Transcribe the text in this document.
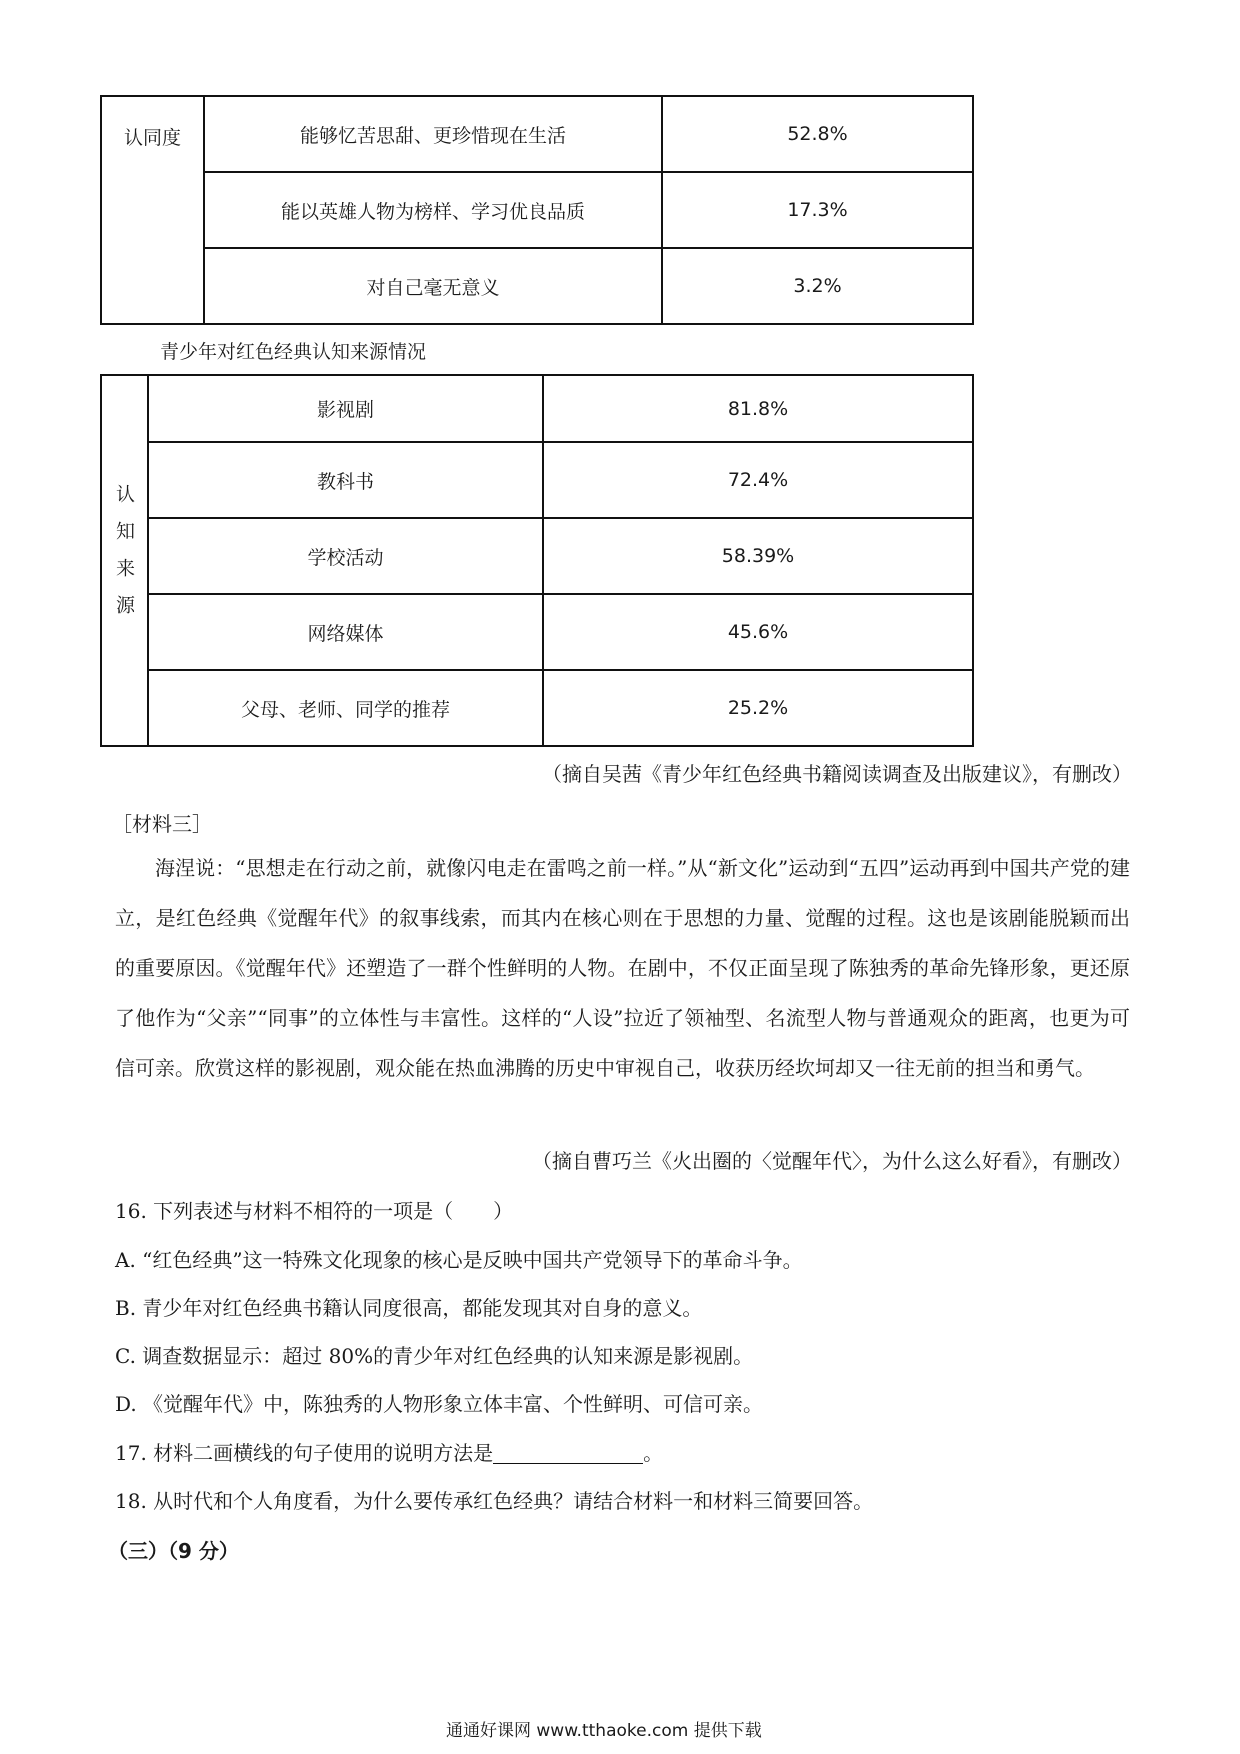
认同度	能够忆苦思甜、更珍惜现在生活	52.8%
	能以英雄人物为榜样、学习优良品质	17.3%
	对自己毫无意义	3.2%
青少年对红色经典认知来源情况
认知来源	影视剧	81.8%
	教科书	72.4%
	学校活动	58.39%
	网络媒体	45.6%
	父母、老师、同学的推荐	25.2%
（摘自吴茜《青少年红色经典书籍阅读调查及出版建议》，有删改）
［材料三］
海涅说：“思想走在行动之前，就像闪电走在雷鸣之前一样。”从“新文化”运动到“五四”运动再到中国共产党的建立，是红色经典《觉醒年代》的叙事线索，而其内在核心则在于思想的力量、觉醒的过程。这也是该剧能脱颖而出的重要原因。《觉醒年代》还塑造了一群个性鲜明的人物。在剧中，不仅正面呈现了陈独秀的革命先锋形象，更还原了他作为“父亲”“同事”的立体性与丰富性。这样的“人设”拉近了领袖型、名流型人物与普通观众的距离，也更为可信可亲。欣赏这样的影视剧，观众能在热血沸腾的历史中审视自己，收获历经坎坷却又一往无前的担当和勇气。
（摘自曹巧兰《火出圈的〈觉醒年代〉，为什么这么好看》，有删改）
16. 下列表述与材料不相符的一项是（　　）
A. “红色经典”这一特殊文化现象的核心是反映中国共产党领导下的革命斗争。
B. 青少年对红色经典书籍认同度很高，都能发现其对自身的意义。
C. 调查数据显示：超过 80%的青少年对红色经典的认知来源是影视剧。
D. 《觉醒年代》中，陈独秀的人物形象立体丰富、个性鲜明、可信可亲。
17. 材料二画横线的句子使用的说明方法是	。
18. 从时代和个人角度看，为什么要传承红色经典？请结合材料一和材料三简要回答。
（三）（9 分）
通通好课网 www.tthaoke.com 提供下载
